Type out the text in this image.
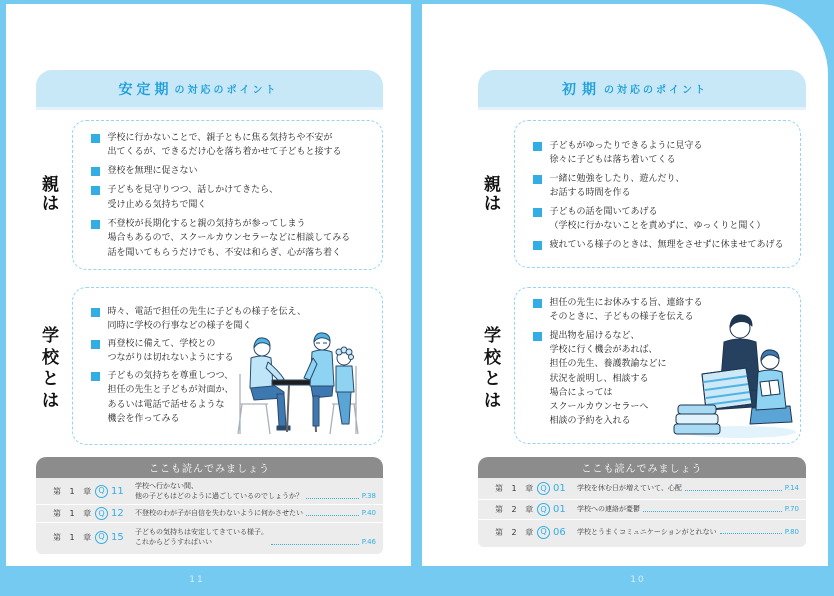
安定期 の対応のポイント
親は
学校に行かないことで、親子ともに焦る気持ちや不安が
出てくるが、できるだけ心を落ち着かせて子どもと接する
登校を無理に促さない
子どもを見守りつつ、話しかけてきたら、
受け止める気持ちで聞く
不登校が長期化すると親の気持ちが参ってしまう
場合もあるので、スクールカウンセラーなどに相談してみる
話を聞いてもらうだけでも、不安は和らぎ、心が落ち着く
学校とは
時々、電話で担任の先生に子どもの様子を伝え、
同時に学校の行事などの様子を聞く
再登校に備えて、学校との
つながりは切れないようにする
子どもの気持ちを尊重しつつ、
担任の先生と子どもが対面か、
あるいは電話で話せるような
機会を作ってみる
ここも読んでみましょう
第 1 章 Q 11	学校へ行かない間、
他の子どもはどのように過ごしているのでしょうか？	P.38
第 1 章 Q 12	不登校のわが子が自信を失わないように何かさせたい	P.40
第 1 章 Q 15	子どもの気持ちは安定してきている様子。
これからどうすればいい	P.46
初期 の対応のポイント
親は
子どもがゆったりできるように見守る
徐々に子どもは落ち着いてくる
一緒に勉強をしたり、遊んだり、
お話する時間を作る
子どもの話を聞いてあげる
（学校に行かないことを責めずに、ゆっくりと聞く）
疲れている様子のときは、無理をさせずに休ませてあげる
学校とは
担任の先生にお休みする旨、連絡する
そのときに、子どもの様子を伝える
提出物を届けるなど、
学校に行く機会があれば、
担任の先生、養護教諭などに
状況を説明し、相談する
場合によっては
スクールカウンセラーへ
相談の予約を入れる
ここも読んでみましょう
第 1 章 Q 01	学校を休む日が増えていて、心配	P.14
第 2 章 Q 01	学校への連絡が憂鬱	P.70
第 2 章 Q 06	学校とうまくコミュニケーションがとれない	P.80
11	10
